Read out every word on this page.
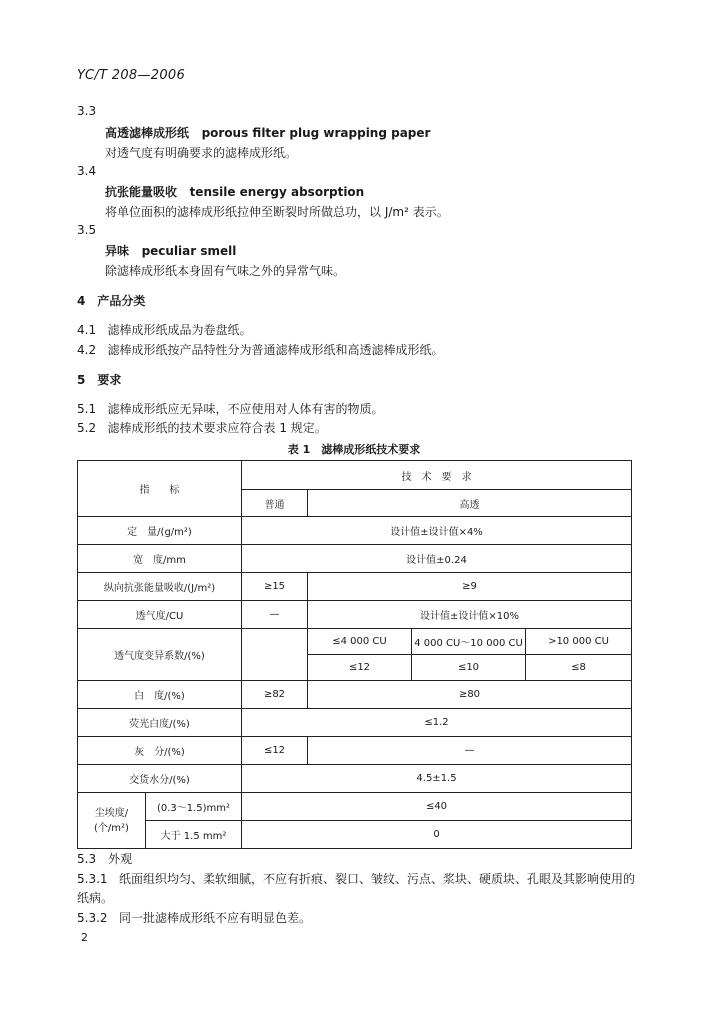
YC/T 208—2006
3.3
高透滤棒成形纸 porous filter plug wrapping paper
对透气度有明确要求的滤棒成形纸。
3.4
抗张能量吸收 tensile energy absorption
将单位面积的滤棒成形纸拉伸至断裂时所做总功，以 J/m² 表示。
3.5
异味 peculiar smell
除滤棒成形纸本身固有气味之外的异常气味。
4　产品分类
4.1 滤棒成形纸成品为卷盘纸。
4.2 滤棒成形纸按产品特性分为普通滤棒成形纸和高透滤棒成形纸。
5　要求
5.1 滤棒成形纸应无异味，不应使用对人体有害的物质。
5.2 滤棒成形纸的技术要求应符合表 1 规定。
表 1　滤棒成形纸技术要求
指　　标		技　术　要　求			
		普通	高透		
定　量/(g/m²)		设计值±设计值×4%			
宽　度/mm		设计值±0.24			
纵向抗张能量吸收/(J/m²)		≥15	≥9		
透气度/CU		—	设计值±设计值×10%		
透气度变异系数/(%)			≤4 000 CU	4 000 CU～10 000 CU	>10 000 CU
			≤12	≤10	≤8
白　度/(%)		≥82	≥80		
荧光白度/(%)		≤1.2			
灰　分/(%)		≤12	—		
交货水分/(%)		4.5±1.5			
尘埃度/
(个/m²)	(0.3～1.5)mm²	≤40			
	大于 1.5 mm²	0			
5.3　外观
5.3.1 纸面组织均匀、柔软细腻，不应有折痕、裂口、皱纹、污点、浆块、硬质块、孔眼及其影响使用的
纸病。
5.3.2 同一批滤棒成形纸不应有明显色差。
2
